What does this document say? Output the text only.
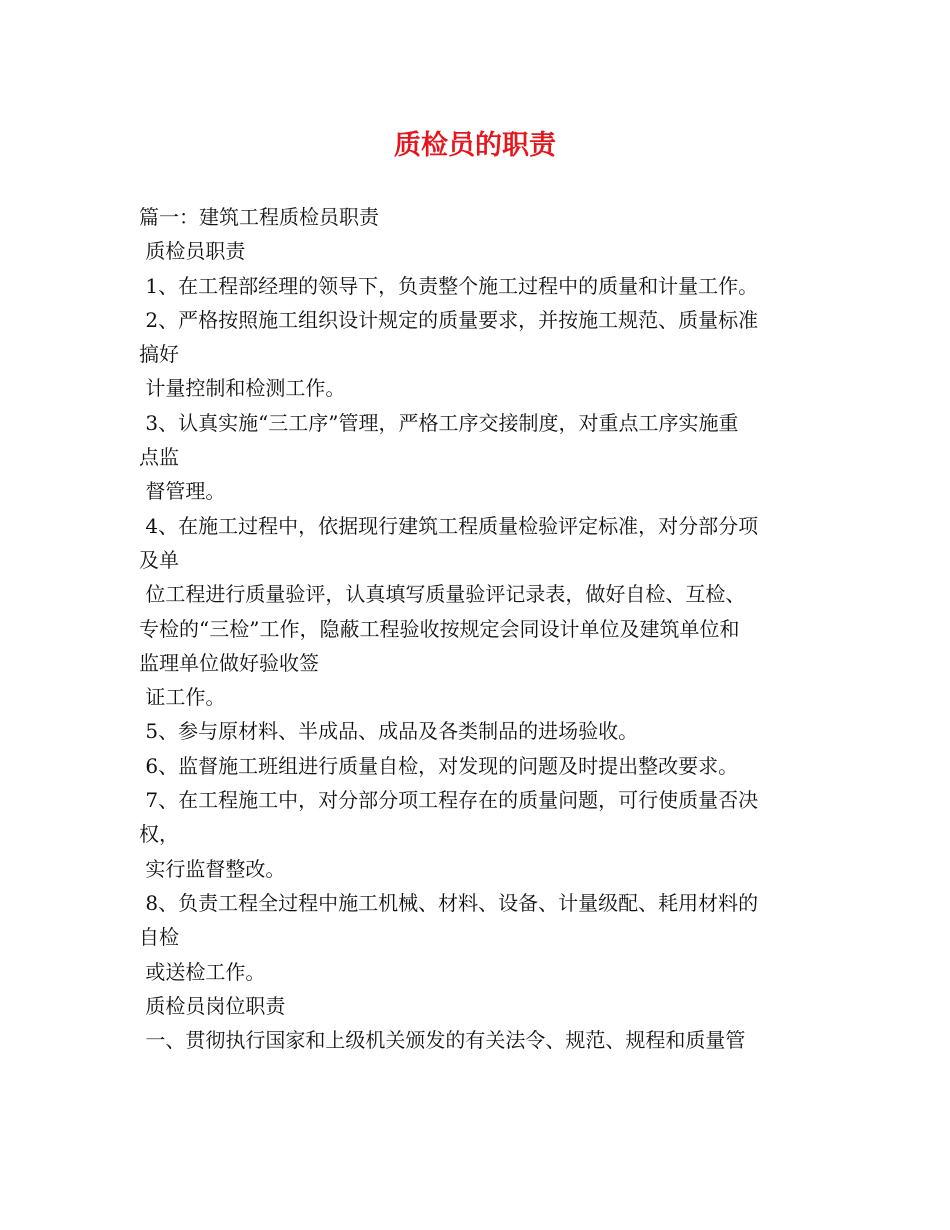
质检员的职责
篇一：建筑工程质检员职责
质检员职责
1、在工程部经理的领导下，负责整个施工过程中的质量和计量工作。
2、严格按照施工组织设计规定的质量要求，并按施工规范、质量标准
搞好
计量控制和检测工作。
3、认真实施“三工序”管理，严格工序交接制度，对重点工序实施重
点监
督管理。
4、在施工过程中，依据现行建筑工程质量检验评定标准，对分部分项
及单
位工程进行质量验评，认真填写质量验评记录表，做好自检、互检、
专检的“三检”工作，隐蔽工程验收按规定会同设计单位及建筑单位和
监理单位做好验收签
证工作。
5、参与原材料、半成品、成品及各类制品的进场验收。
6、监督施工班组进行质量自检，对发现的问题及时提出整改要求。
7、在工程施工中，对分部分项工程存在的质量问题，可行使质量否决
权，
实行监督整改。
8、负责工程全过程中施工机械、材料、设备、计量级配、耗用材料的
自检
或送检工作。
质检员岗位职责
一、贯彻执行国家和上级机关颁发的有关法令、规范、规程和质量管
